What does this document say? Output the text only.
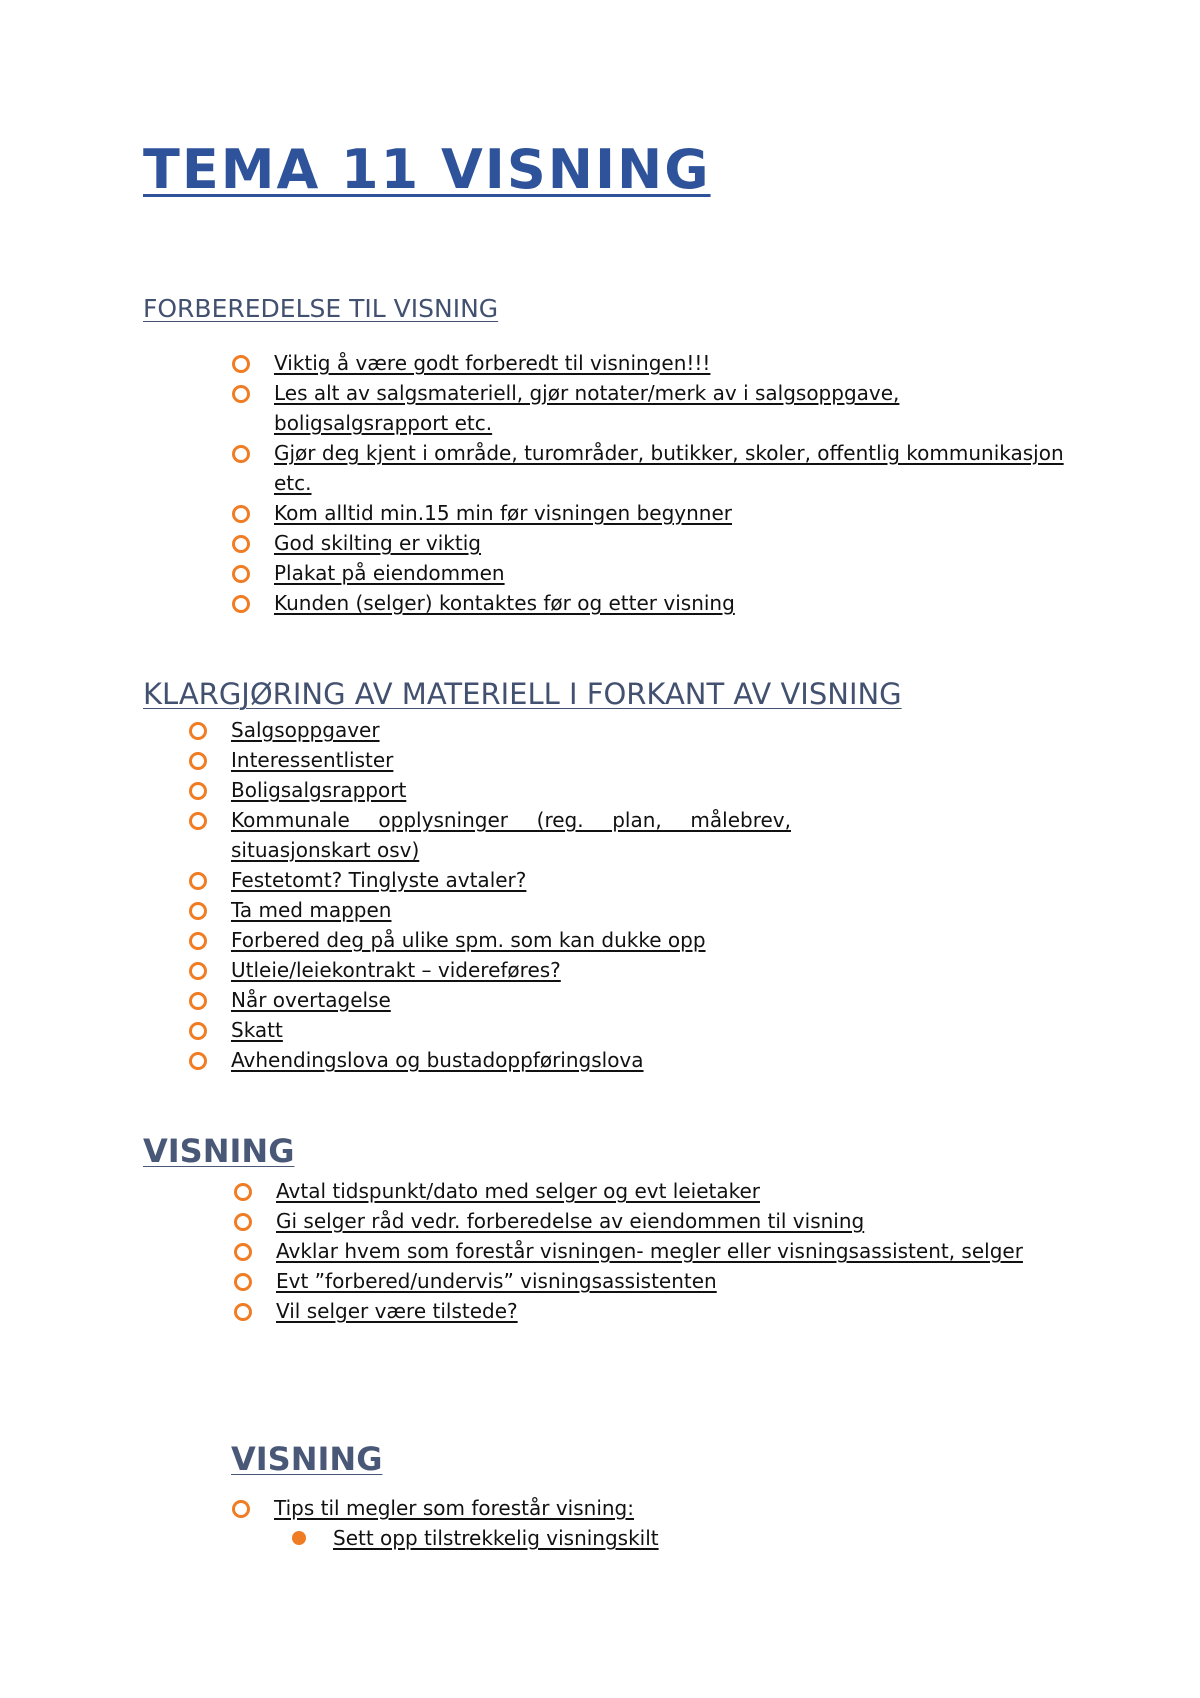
TEMA 11 VISNING
FORBEREDELSE TIL VISNING
Viktig å være godt forberedt til visningen!!!
Les alt av salgsmateriell, gjør notater/merk av i salgsoppgave, boligsalgsrapport etc.
Gjør deg kjent i område, turområder, butikker, skoler, offentlig kommunikasjon etc.
Kom alltid min.15 min før visningen begynner
God skilting er viktig
Plakat på eiendommen
Kunden (selger) kontaktes før og etter visning
KLARGJØRING AV MATERIELL I FORKANT AV VISNING
Salgsoppgaver
Interessentlister
Boligsalgsrapport
Kommunale opplysninger (reg. plan, målebrev, situasjonskart osv)
Festetomt? Tinglyste avtaler?
Ta med mappen
Forbered deg på ulike spm. som kan dukke opp
Utleie/leiekontrakt – videreføres?
Når overtagelse
Skatt
Avhendingslova og bustadoppføringslova
VISNING
Avtal tidspunkt/dato med selger og evt leietaker
Gi selger råd vedr. forberedelse av eiendommen til visning
Avklar hvem som forestår visningen- megler eller visningsassistent, selger
Evt ”forbered/undervis” visningsassistenten
Vil selger være tilstede?
VISNING
Tips til megler som forestår visning:
Sett opp tilstrekkelig visningskilt
